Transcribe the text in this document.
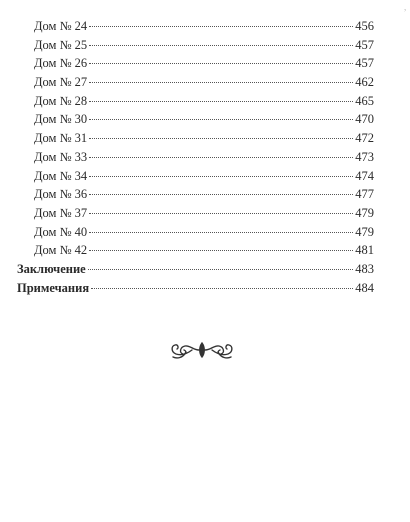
Дом № 24	456
Дом № 25	457
Дом № 26	457
Дом № 27	462
Дом № 28	465
Дом № 30	470
Дом № 31	472
Дом № 33	473
Дом № 34	474
Дом № 36	477
Дом № 37	479
Дом № 40	479
Дом № 42	481
Заключение	483
Примечания	484
,
